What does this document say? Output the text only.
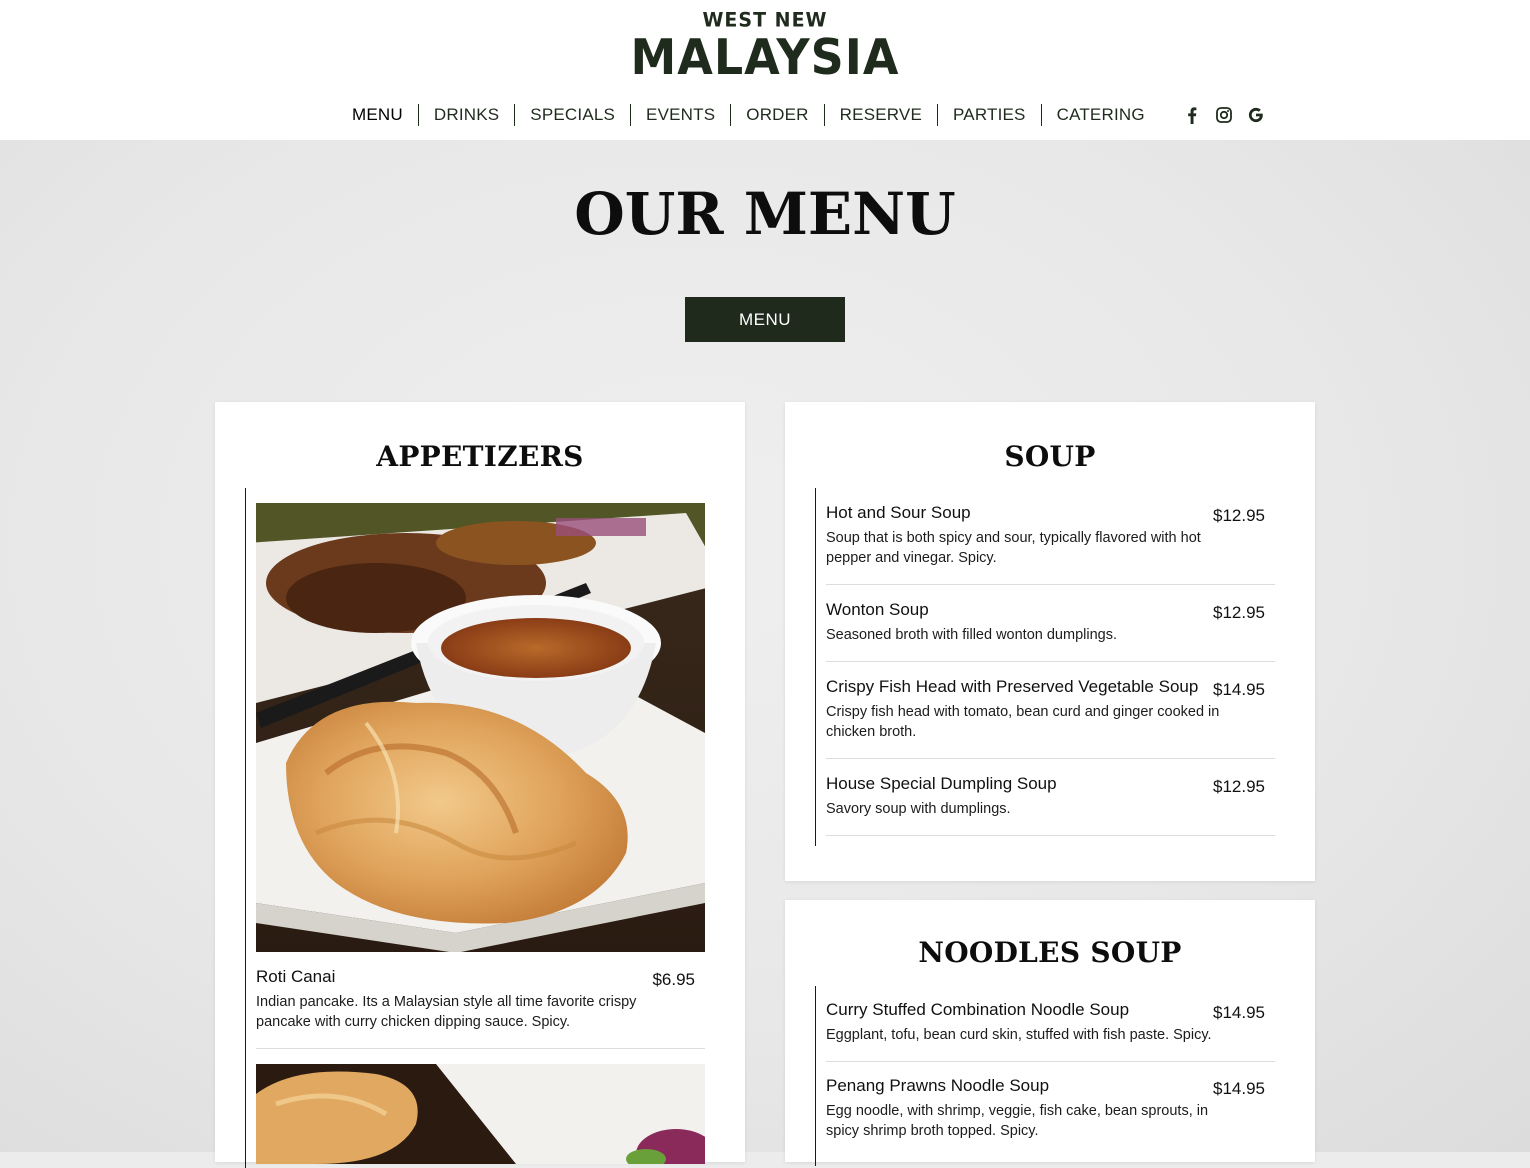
WEST NEW
MALAYSIA
MENU	DRINKS	SPECIALS	EVENTS	ORDER	RESERVE	PARTIES	CATERING
OUR MENU
MENU
APPETIZERS
Roti Canai	$6.95
Indian pancake. Its a Malaysian style all time favorite crispy
pancake with curry chicken dipping sauce. Spicy.
SOUP
Hot and Sour Soup	$12.95
Soup that is both spicy and sour, typically flavored with hot
pepper and vinegar. Spicy.
Wonton Soup	$12.95
Seasoned broth with filled wonton dumplings.
Crispy Fish Head with Preserved Vegetable Soup $14.95
Crispy fish head with tomato, bean curd and ginger cooked in
chicken broth.
House Special Dumpling Soup	$12.95
Savory soup with dumplings.
NOODLES SOUP
Curry Stuffed Combination Noodle Soup	$14.95
Eggplant, tofu, bean curd skin, stuffed with fish paste. Spicy.
Penang Prawns Noodle Soup	$14.95
Egg noodle, with shrimp, veggie, fish cake, bean sprouts, in
spicy shrimp broth topped. Spicy.
